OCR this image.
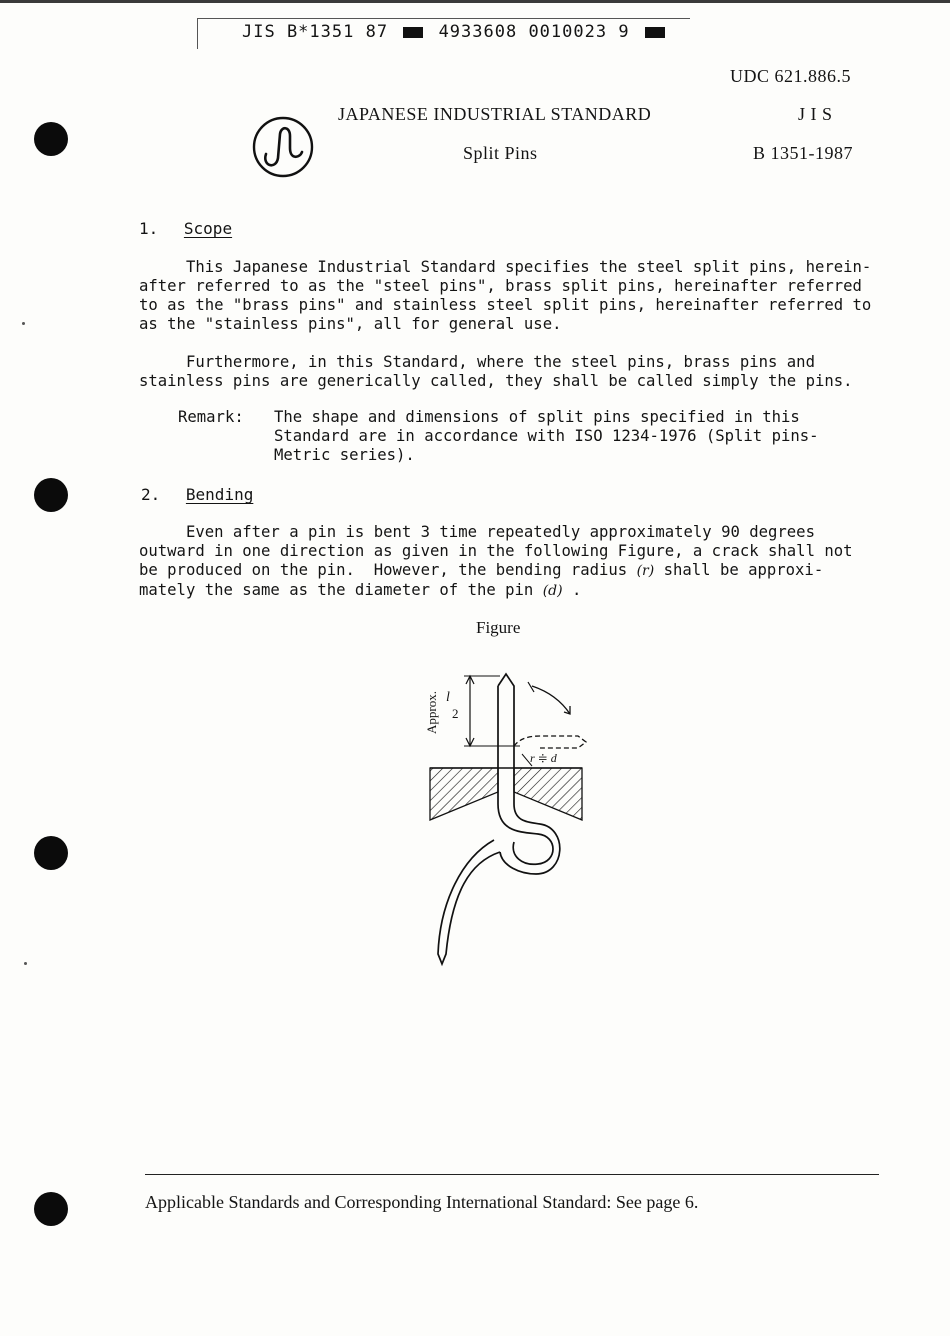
JIS B*1351 87	4933608 0010023 9
UDC 621.886.5
JAPANESE INDUSTRIAL STANDARD	J I S
Split Pins	B 1351-1987
1. Scope
This Japanese Industrial Standard specifies the steel split pins, herein-
after referred to as the "steel pins", brass split pins, hereinafter referred
to as the "brass pins" and stainless steel split pins, hereinafter referred to
as the "stainless pins", all for general use.
Furthermore, in this Standard, where the steel pins, brass pins and
stainless pins are generically called, they shall be called simply the pins.
Remark: The shape and dimensions of split pins specified in this
Standard are in accordance with ISO 1234-1976 (Split pins-
Metric series).
2. Bending
Even after a pin is bent 3 time repeatedly approximately 90 degrees
outward in one direction as given in the following Figure, a crack shall not
be produced on the pin.  However, the bending radius (r) shall be approxi-
mately the same as the diameter of the pin (d) .
Figure
Approx. l
2
r ≑ d
Applicable Standards and Corresponding International Standard: See page 6.
